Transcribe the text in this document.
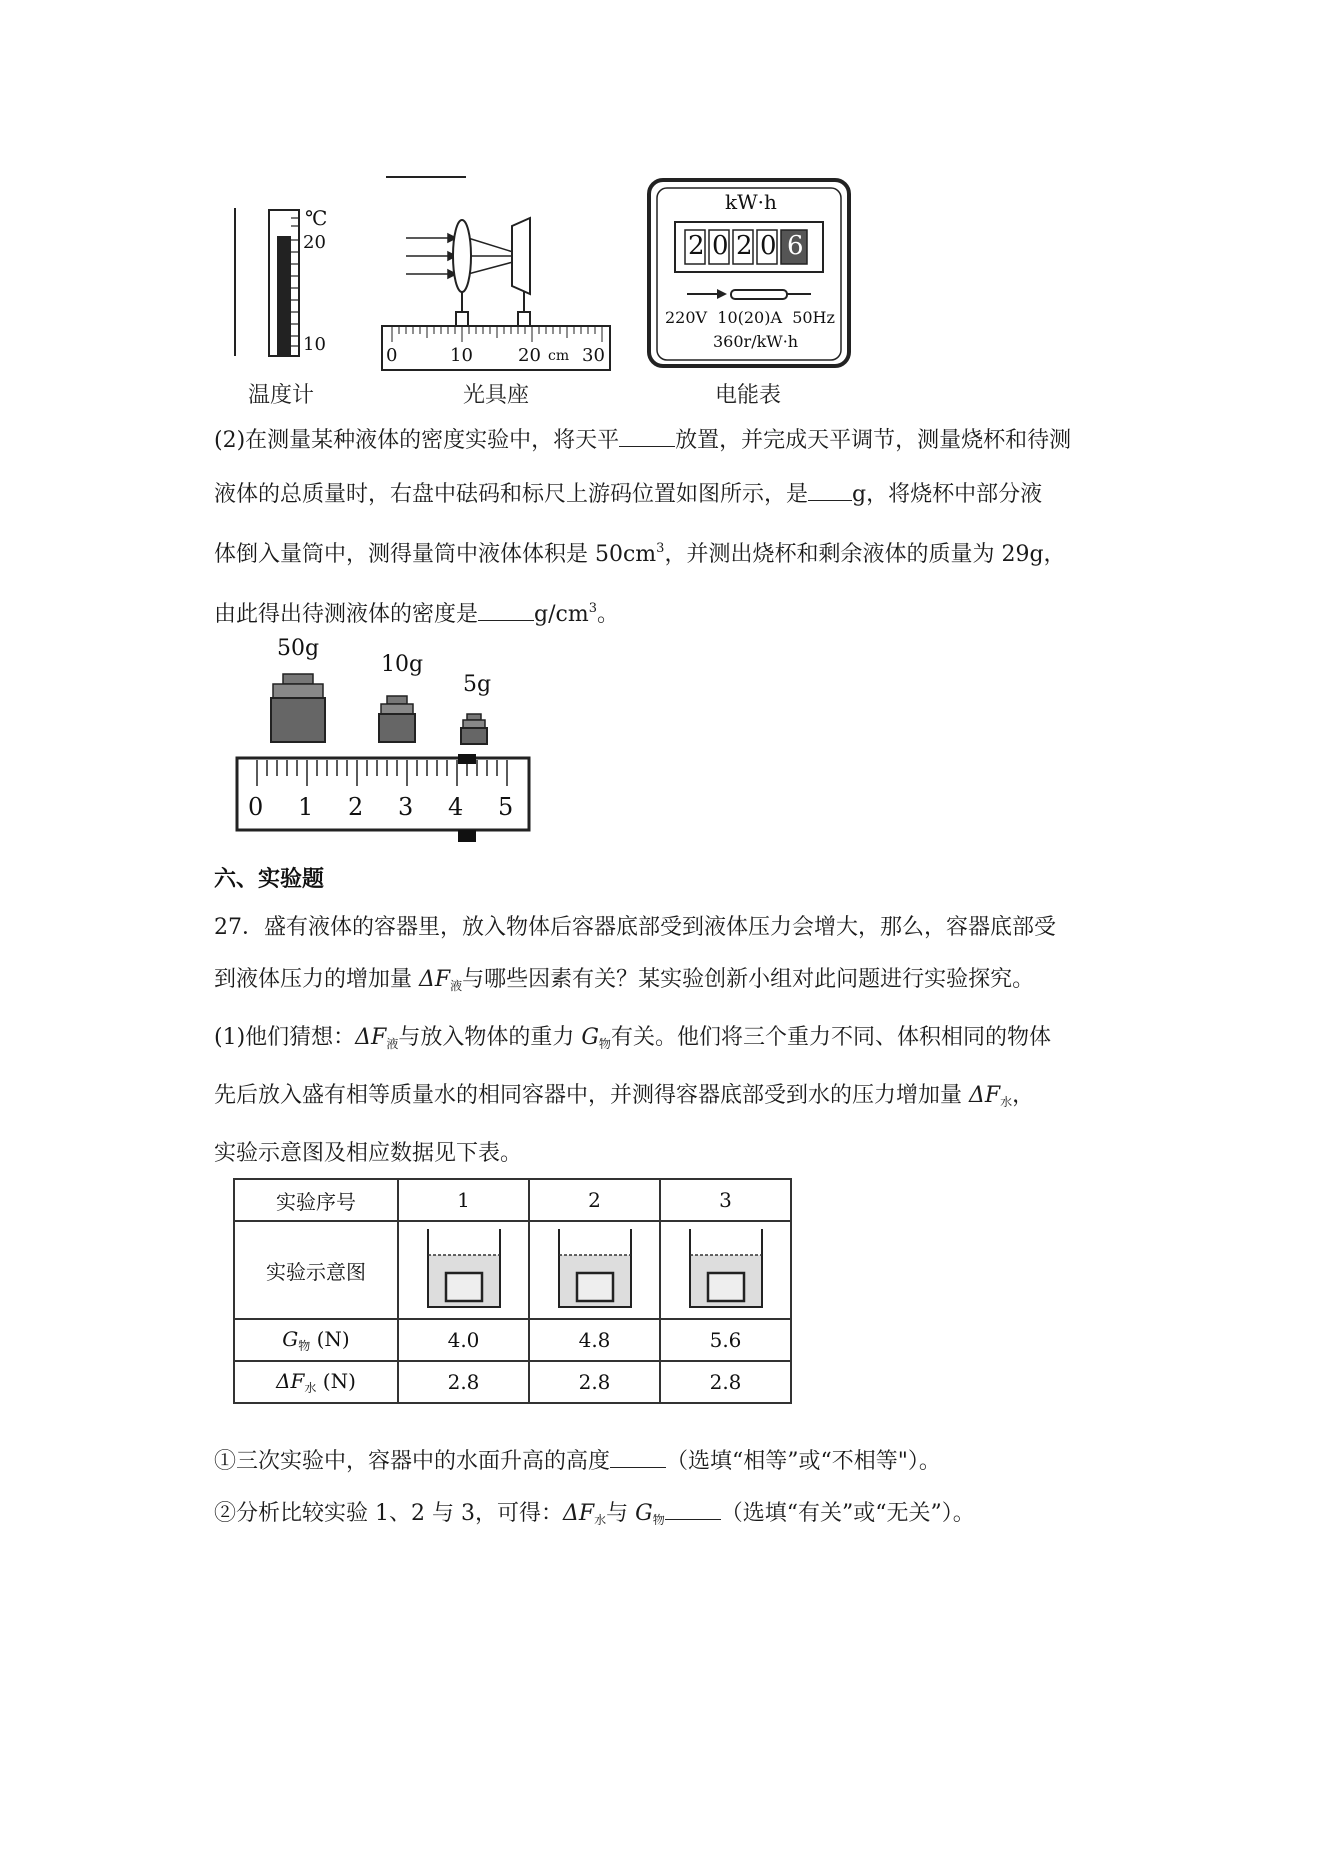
℃
20
10
温度计
0	10	20 cm 30
光具座
kW·h
2 0 2 0 6
220V  10(20)A  50Hz
360r/kW·h
电能表
(2)在测量某种液体的密度实验中，将天平	放置，并完成天平调节，测量烧杯和待测
液体的总质量时，右盘中砝码和标尺上游码位置如图所示，是 g，将烧杯中部分液
体倒入量筒中，测得量筒中液体体积是 $50cm^3$，并测出烧杯和剩余液体的质量为 29g，
由此得出待测液体的密度是	$g/cm^3$。
50g
10g
5g
0 1 2 3 4 5
六、实验题
27．盛有液体的容器里，放入物体后容器底部受到液体压力会增大，那么，容器底部受
到液体压力的增加量 $\Delta F_液$与哪些因素有关？某实验创新小组对此问题进行实验探究。
(1)他们猜想：$\Delta F_液$与放入物体的重力 $G_物$有关。他们将三个重力不同、体积相同的物体
先后放入盛有相等质量水的相同容器中，并测得容器底部受到水的压力增加量 $\Delta F_水$，
实验示意图及相应数据见下表。
实验序号	1	2	3
实验示意图			
$G_物$ (N)	4.0	4.8	5.6
$\Delta F_水$ (N)	2.8	2.8	2.8
①三次实验中，容器中的水面升高的高度	（选填“相等”或“不相等"）。
②分析比较实验 1、2 与 3，可得：$\Delta F_水$与 $G_物$	（选填“有关”或“无关”）。
